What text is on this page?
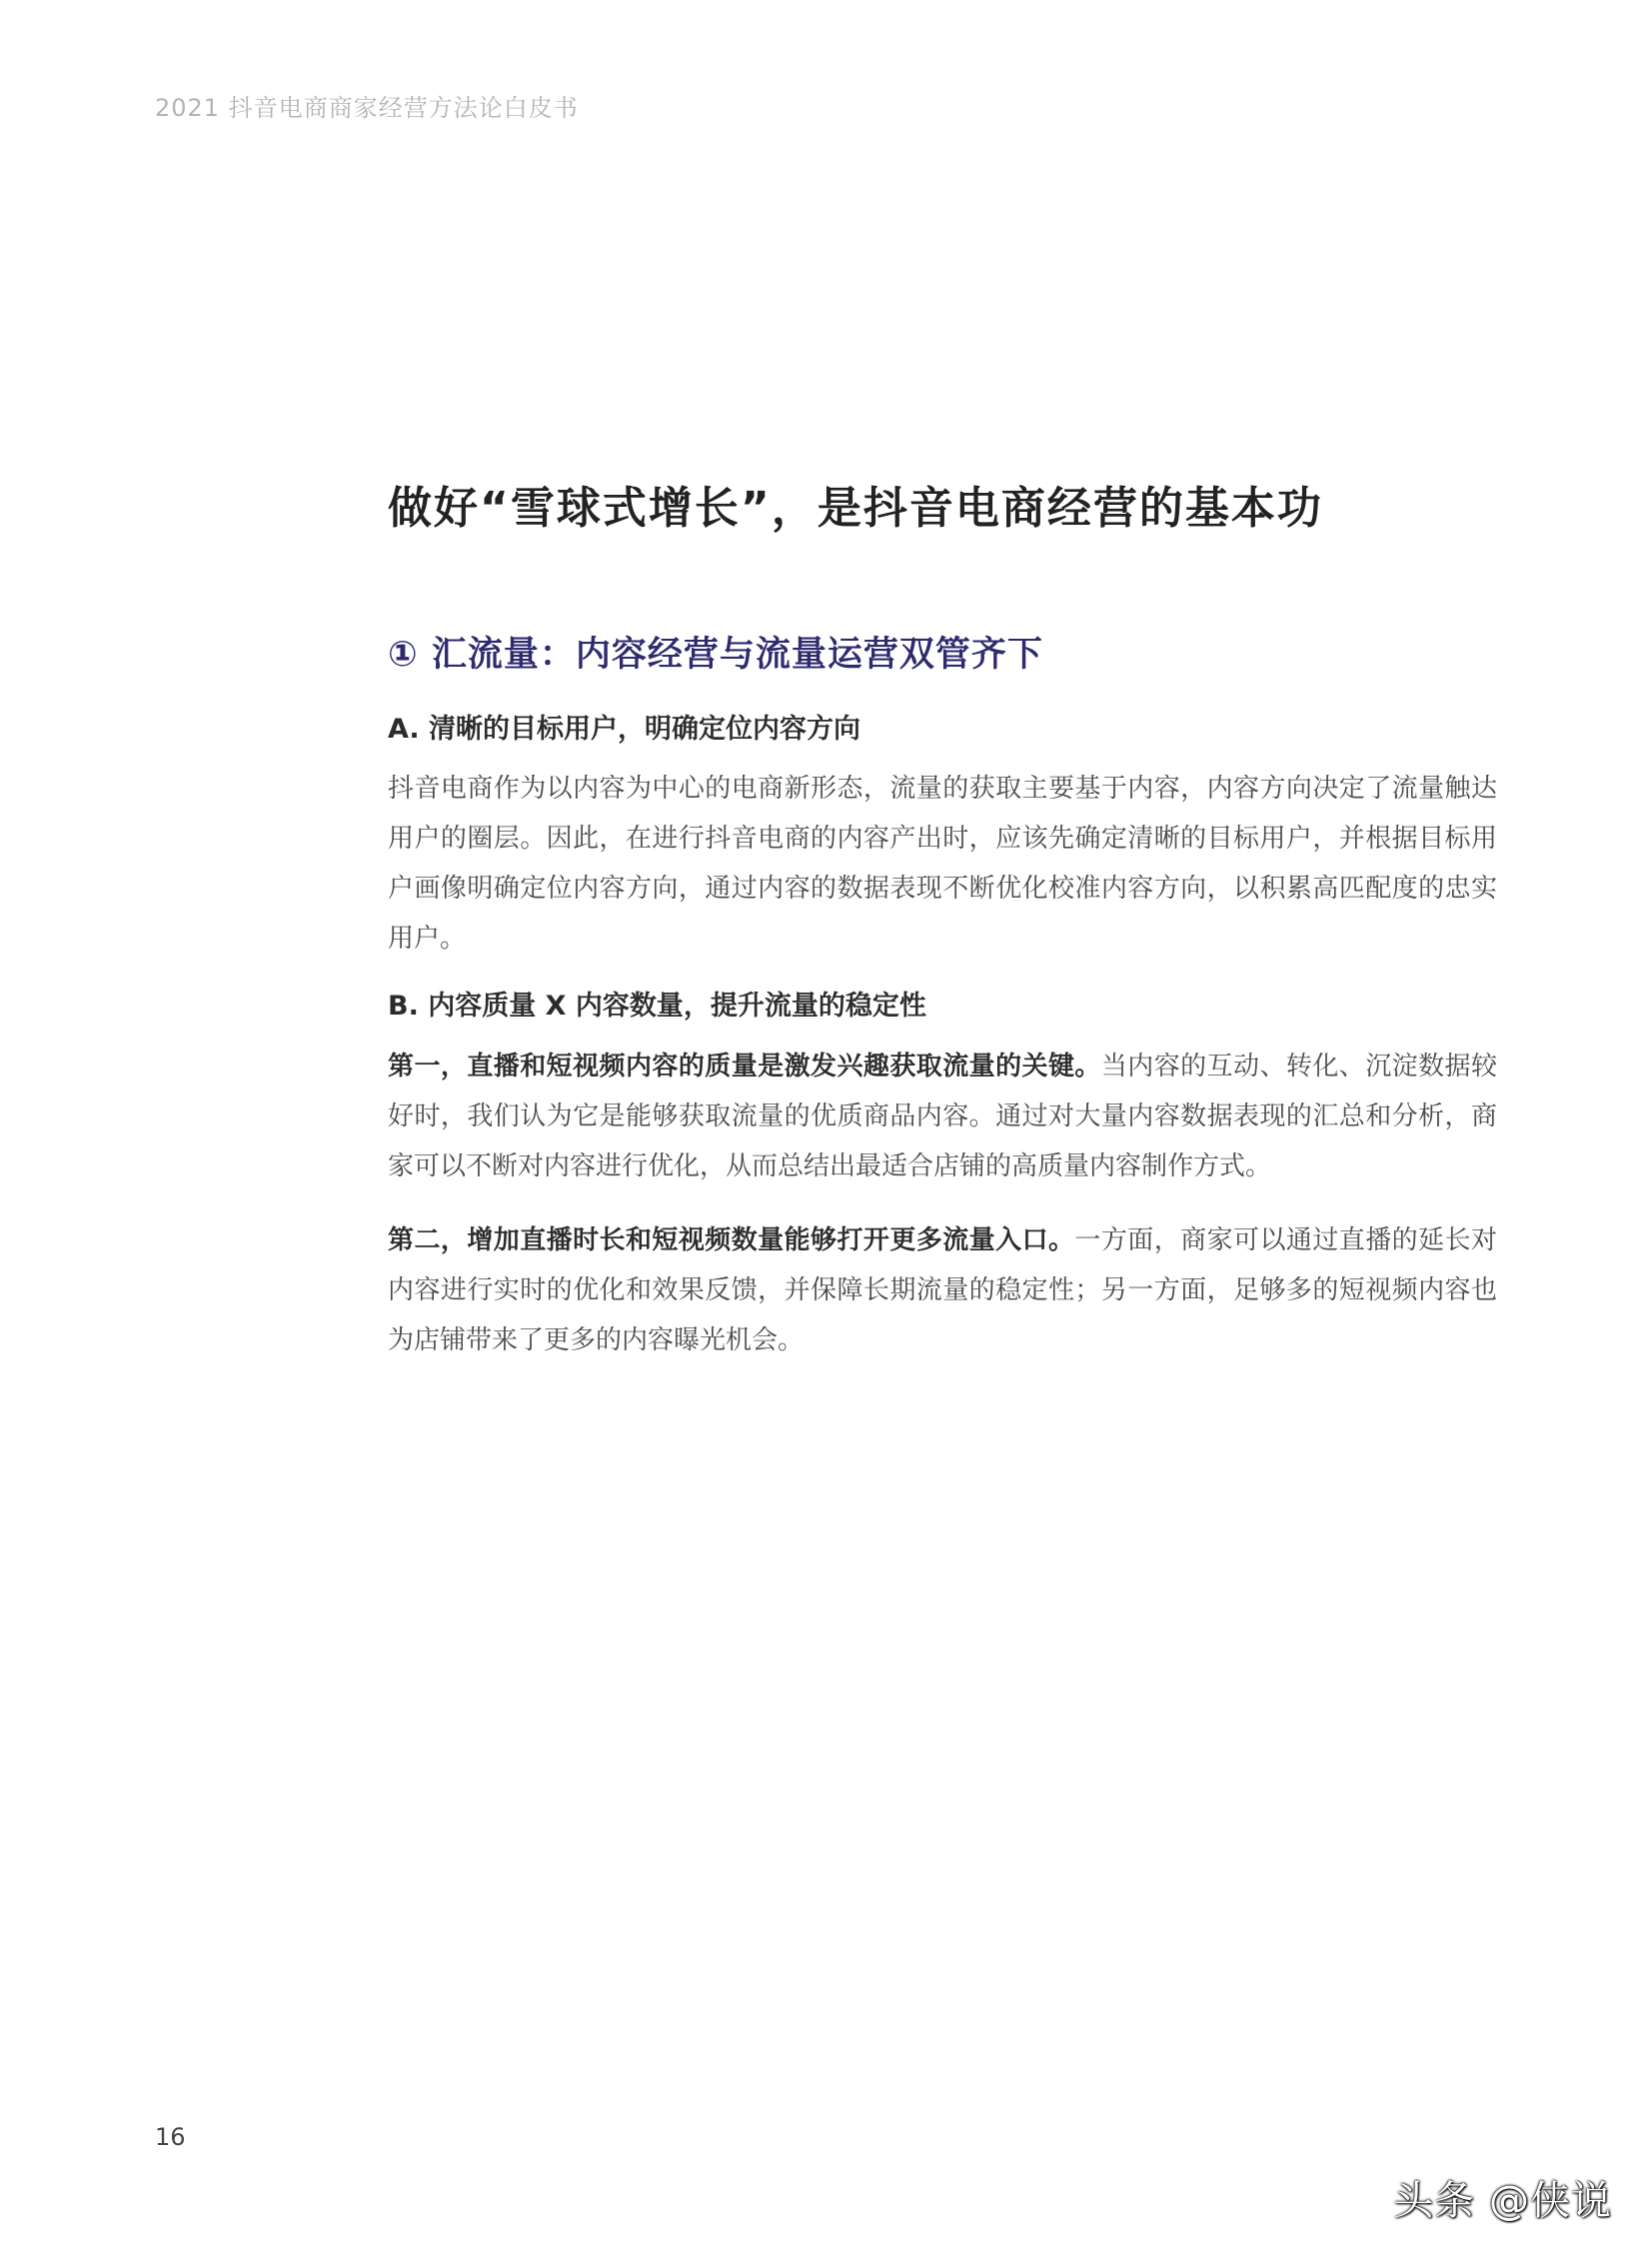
2021 抖音电商商家经营方法论白皮书
做好“雪球式增长”，是抖音电商经营的基本功
① 汇流量：内容经营与流量运营双管齐下
A. 清晰的目标用户，明确定位内容方向

抖音电商作为以内容为中心的电商新形态，流量的获取主要基于内容，内容方向决定了流量触达用户的圈层。因此，在进行抖音电商的内容产出时，应该先确定清晰的目标用户，并根据目标用户画像明确定位内容方向，通过内容的数据表现不断优化校准内容方向，以积累高匹配度的忠实用户。

B. 内容质量 X 内容数量，提升流量的稳定性

第一，直播和短视频内容的质量是激发兴趣获取流量的关键。当内容的互动、转化、沉淀数据较好时，我们认为它是能够获取流量的优质商品内容。通过对大量内容数据表现的汇总和分析，商家可以不断对内容进行优化，从而总结出最适合店铺的高质量内容制作方式。

第二，增加直播时长和短视频数量能够打开更多流量入口。一方面，商家可以通过直播的延长对内容进行实时的优化和效果反馈，并保障长期流量的稳定性；另一方面，足够多的短视频内容也为店铺带来了更多的内容曝光机会。

16
头条 @侠说
